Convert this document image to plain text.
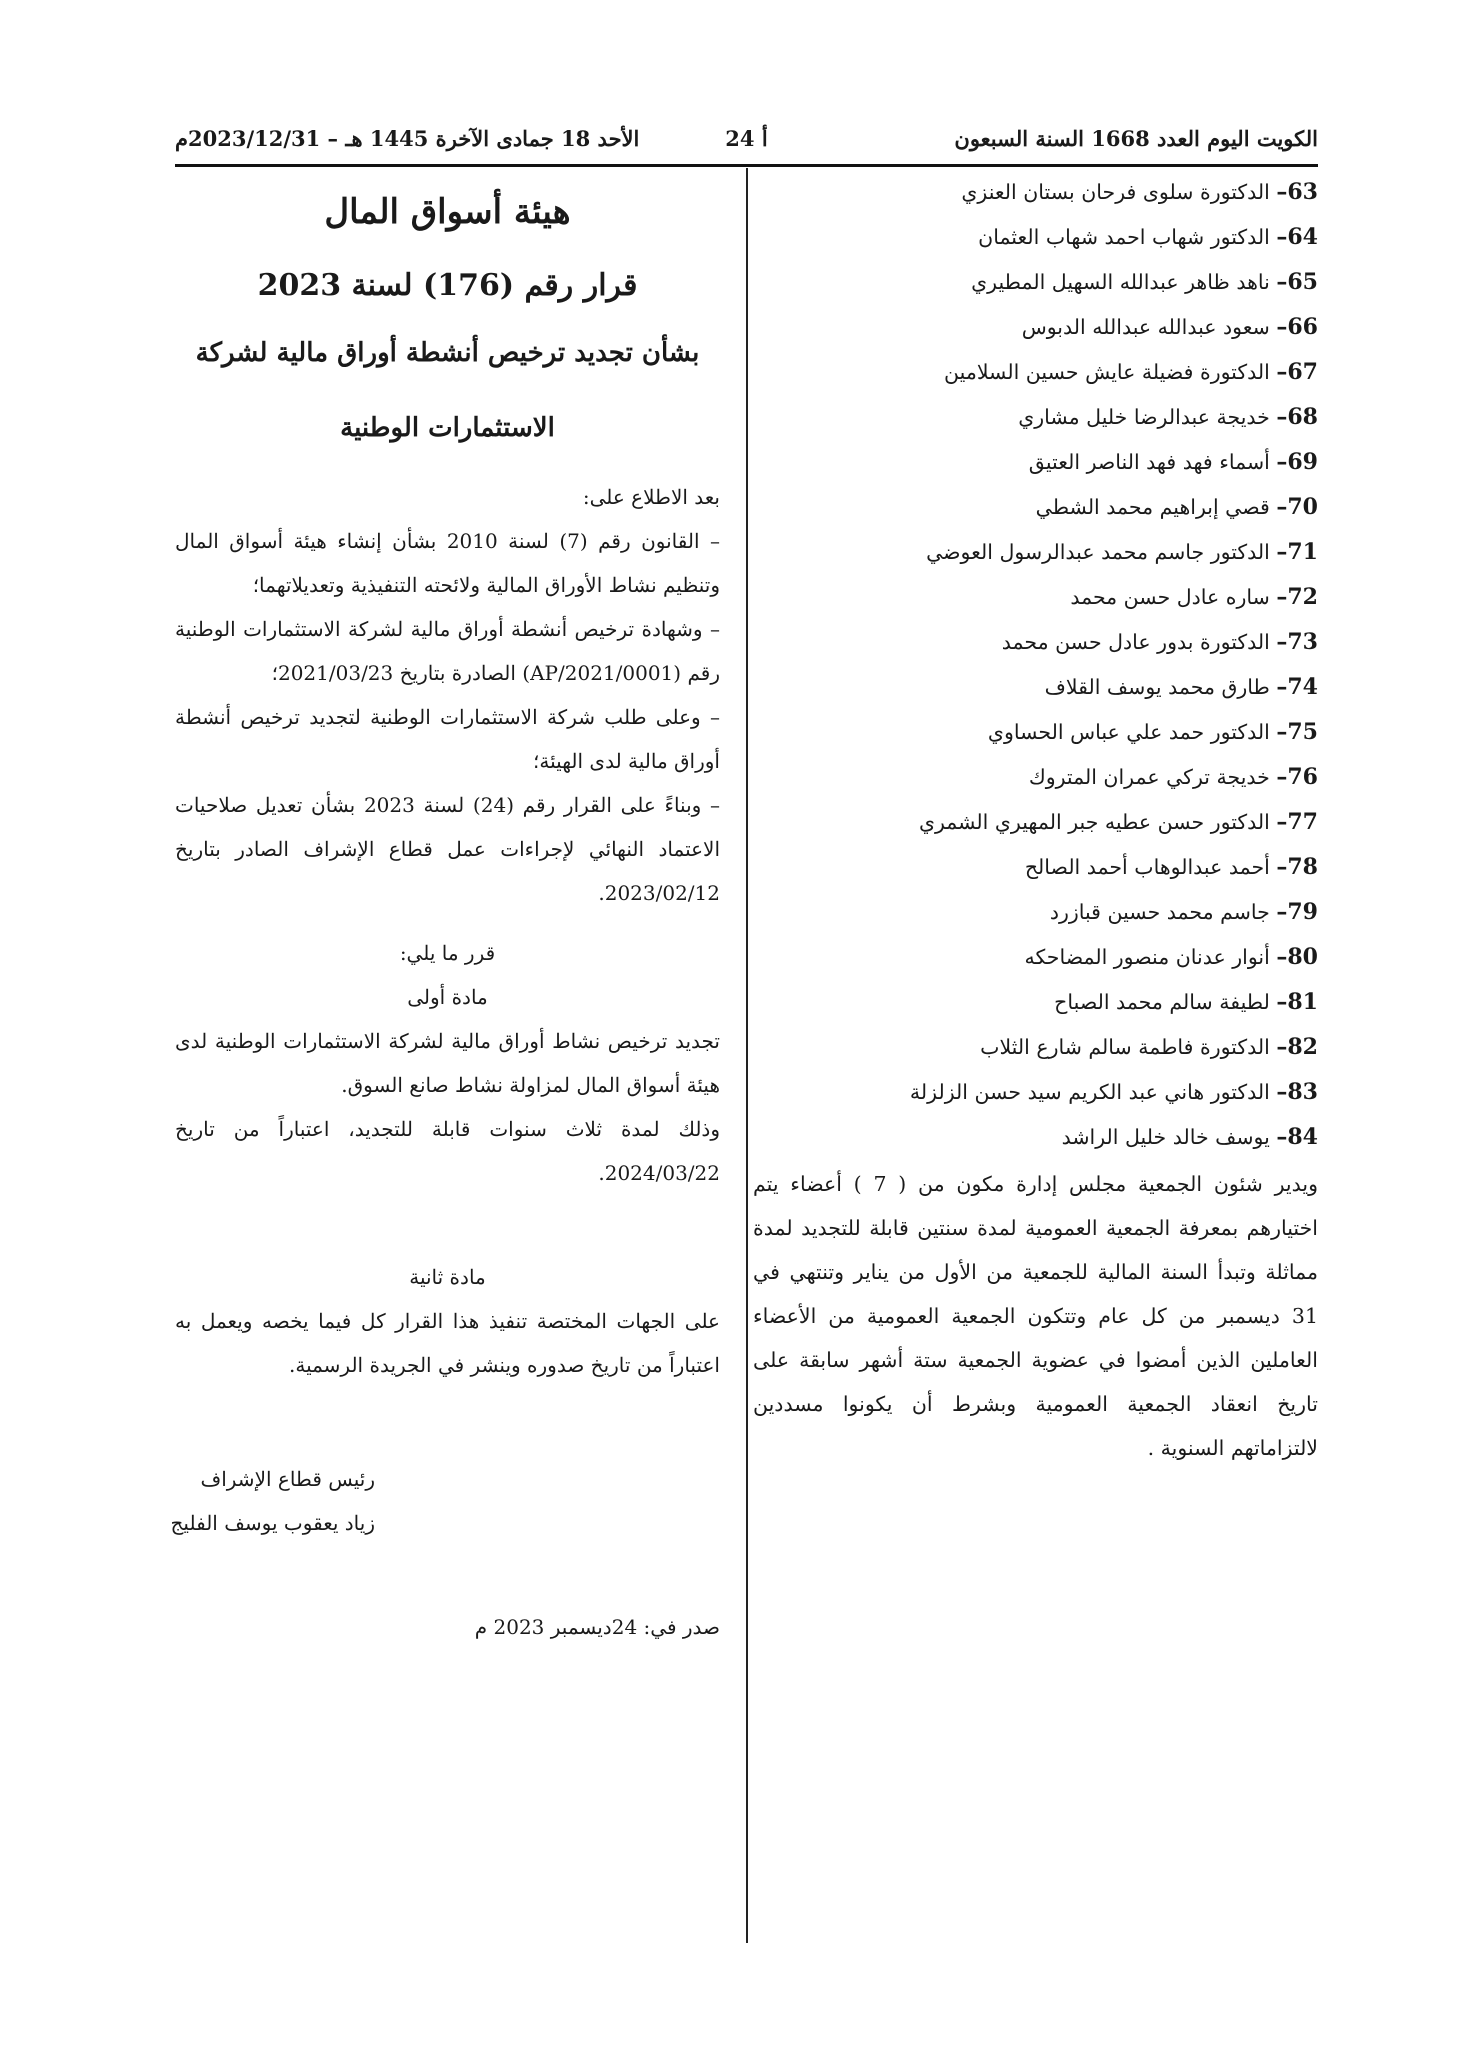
الكويت اليوم العدد 1668 السنة السبعون
أ 24
الأحد 18 جمادى الآخرة 1445 هـ – 2023/12/31م
63– الدكتورة سلوى فرحان بستان العنزي
64– الدكتور شهاب احمد شهاب العثمان
65– ناهد ظاهر عبدالله السهيل المطيري
66– سعود عبدالله عبدالله الدبوس
67– الدكتورة فضيلة عايش حسين السلامين
68– خديجة عبدالرضا خليل مشاري
69– أسماء فهد فهد الناصر العتيق
70– قصي إبراهيم محمد الشطي
71– الدكتور جاسم محمد عبدالرسول العوضي
72– ساره عادل حسن محمد
73– الدكتورة بدور عادل حسن محمد
74– طارق محمد يوسف القلاف
75– الدكتور حمد علي عباس الحساوي
76– خديجة تركي عمران المتروك
77– الدكتور حسن عطيه جبر المهيري الشمري
78– أحمد عبدالوهاب أحمد الصالح
79– جاسم محمد حسين قبازرد
80– أنوار عدنان منصور المضاحكه
81– لطيفة سالم محمد الصباح
82– الدكتورة فاطمة سالم شارع الثلاب
83– الدكتور هاني عبد الكريم سيد حسن الزلزلة
84– يوسف خالد خليل الراشد

ويدير شئون الجمعية مجلس إدارة مكون من ( 7 ) أعضاء يتم اختيارهم بمعرفة الجمعية العمومية لمدة سنتين قابلة للتجديد لمدة مماثلة وتبدأ السنة المالية للجمعية من الأول من يناير وتنتهي في 31 ديسمبر من كل عام وتتكون الجمعية العمومية من الأعضاء العاملين الذين أمضوا في عضوية الجمعية ستة أشهر سابقة على تاريخ انعقاد الجمعية العمومية وبشرط أن يكونوا مسددين لالتزاماتهم السنوية .

هيئة أسواق المال
قرار رقم (176) لسنة 2023
بشأن تجديد ترخيص أنشطة أوراق مالية لشركة
الاستثمارات الوطنية

بعد الاطلاع على:

– القانون رقم (7) لسنة 2010 بشأن إنشاء هيئة أسواق المال وتنظيم نشاط الأوراق المالية ولائحته التنفيذية وتعديلاتهما؛

– وشهادة ترخيص أنشطة أوراق مالية لشركة الاستثمارات الوطنية رقم (AP/2021/0001) الصادرة بتاريخ 2021/03/23؛

– وعلى طلب شركة الاستثمارات الوطنية لتجديد ترخيص أنشطة أوراق مالية لدى الهيئة؛

– وبناءً على القرار رقم (24) لسنة 2023 بشأن تعديل صلاحيات الاعتماد النهائي لإجراءات عمل قطاع الإشراف الصادر بتاريخ 2023/02/12.

قرر ما يلي:

مادة أولى

تجديد ترخيص نشاط أوراق مالية لشركة الاستثمارات الوطنية لدى هيئة أسواق المال لمزاولة نشاط صانع السوق.

وذلك لمدة ثلاث سنوات قابلة للتجديد، اعتباراً من تاريخ 2024/03/22.

مادة ثانية

على الجهات المختصة تنفيذ هذا القرار كل فيما يخصه ويعمل به اعتباراً من تاريخ صدوره وينشر في الجريدة الرسمية.

رئيس قطاع الإشراف

زياد يعقوب يوسف الفليج

صدر في: 24ديسمبر 2023 م
